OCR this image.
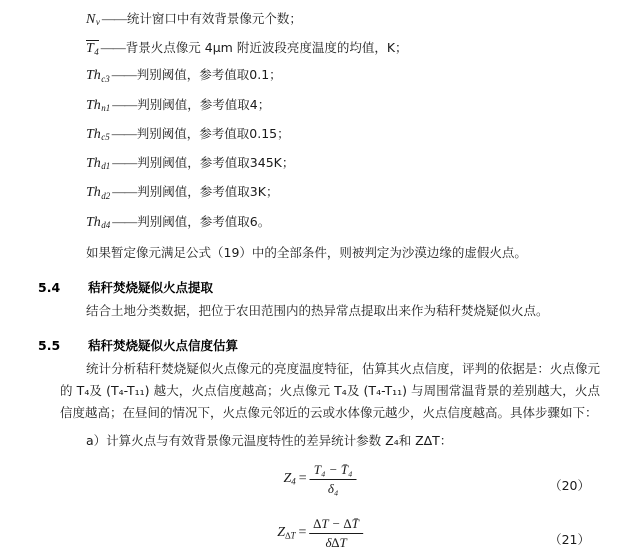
$N_v$ —— 统计窗口中有效背景像元个数；
$T_4$ —— 背景火点像元 4μm 附近波段亮度温度的均值，K；
$Th_{c3}$ —— 判别阈值，参考值取0.1；
$Th_{n1}$ —— 判别阈值，参考值取4；
$Th_{c5}$ —— 判别阈值，参考值取0.15；
$Th_{d1}$ —— 判别阈值，参考值取345K；
$Th_{d2}$ —— 判别阈值，参考值取3K；
$Th_{d4}$ —— 判别阈值，参考值取6。
如果暂定像元满足公式（19）中的全部条件，则被判定为沙漠边缘的虚假火点。
5.4	秸秆焚烧疑似火点提取
结合土地分类数据，把位于农田范围内的热异常点提取出来作为秸秆焚烧疑似火点。
5.5	秸秆焚烧疑似火点信度估算
统计分析秸秆焚烧疑似火点像元的亮度温度特征，估算其火点信度，评判的依据是：火点像元的 T₄及 (T₄-T₁₁) 越大，火点信度越高；火点像元 T₄及 (T₄-T₁₁) 与周围常温背景的差别越大，火点信度越高；在昼间的情况下，火点像元邻近的云或水体像元越少，火点信度越高。具体步骤如下：
a）计算火点与有效背景像元温度特性的差异统计参数 Z₄和 Z∆T：
$Z_4 = \frac{\text{T₄ − T̄₄}}{\text{δ₄}}$	（20）
$Z_{\Delta T} = \frac{\Delta T - \Delta T̄}{\delta\Delta T}$	（21）
